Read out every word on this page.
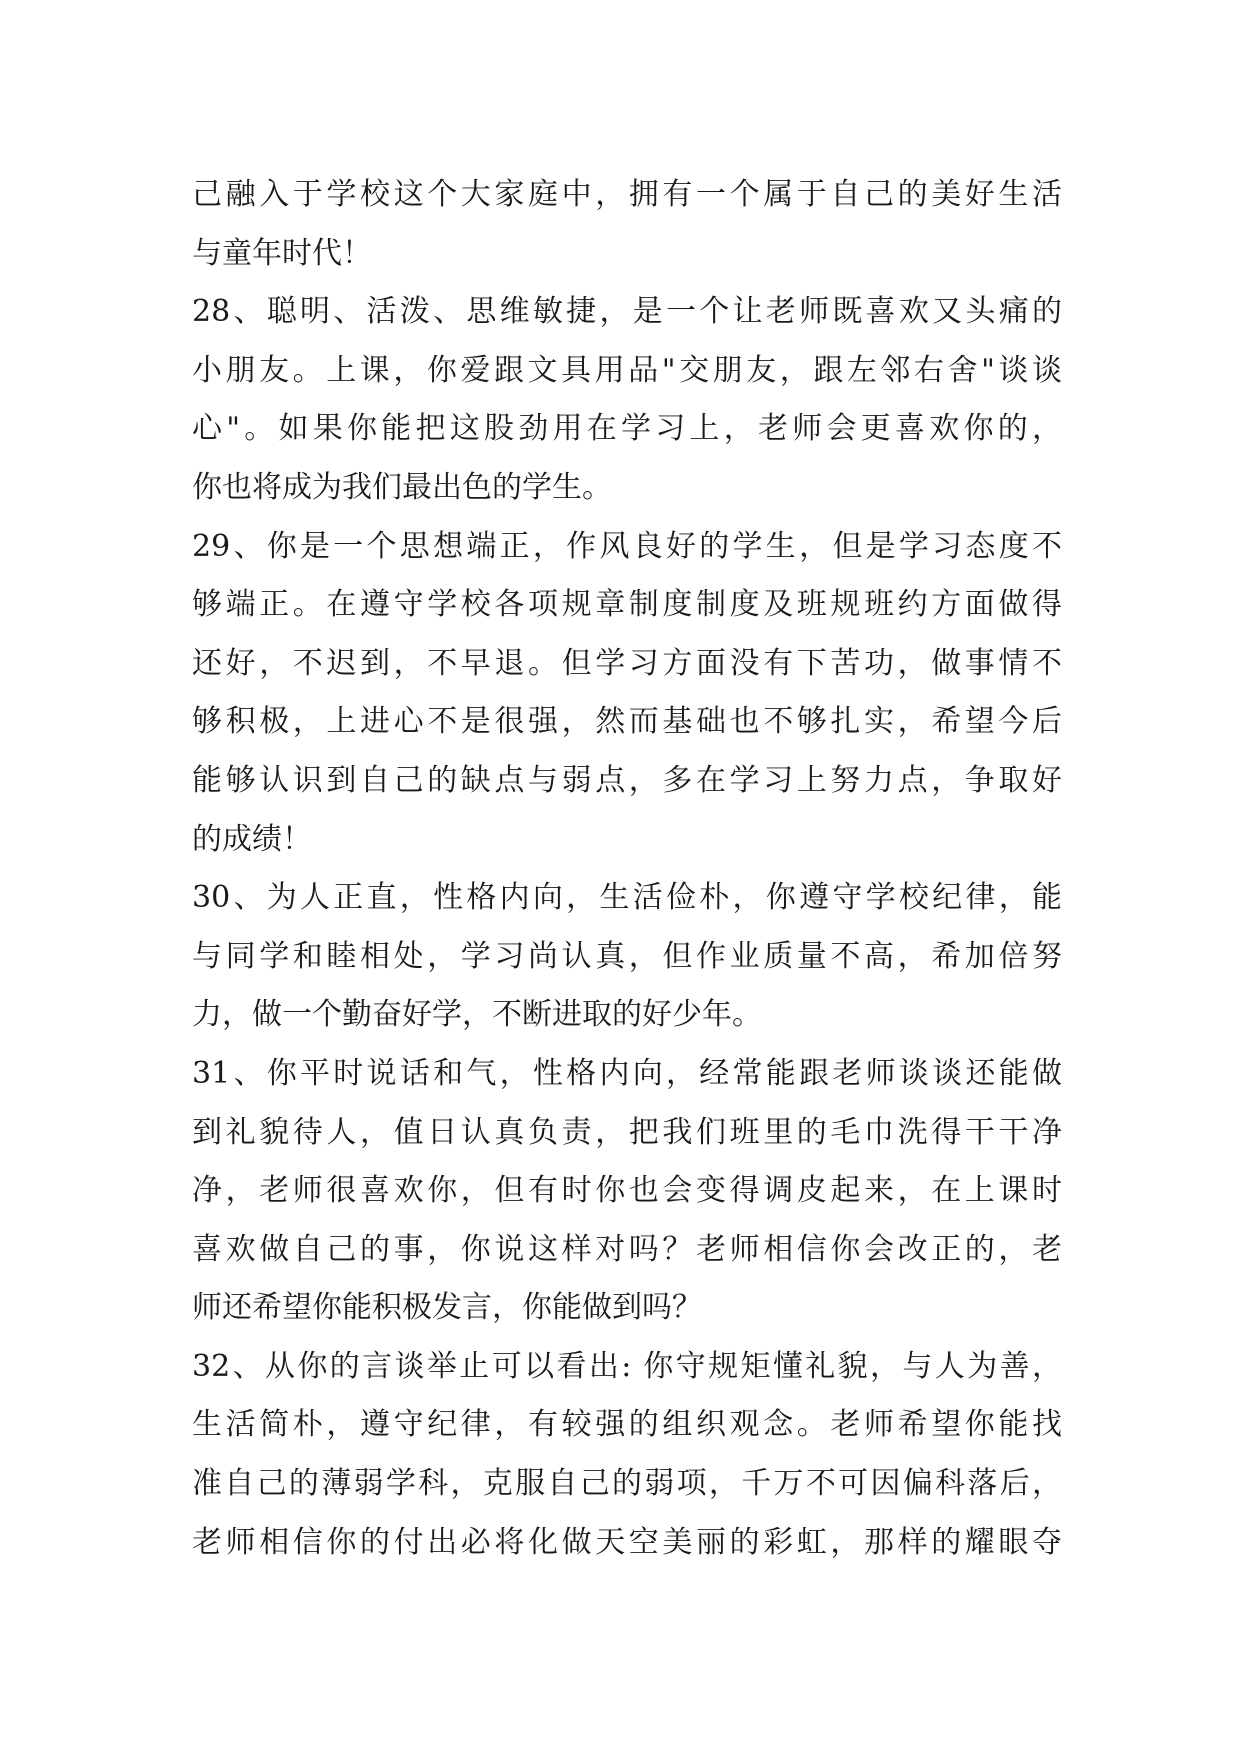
己融入于学校这个大家庭中，拥有一个属于自己的美好生活
与童年时代！
28、聪明、活泼、思维敏捷，是一个让老师既喜欢又头痛的
小朋友。上课，你爱跟文具用品"交朋友，跟左邻右舍"谈谈
心"。如果你能把这股劲用在学习上，老师会更喜欢你的，
你也将成为我们最出色的学生。
29、你是一个思想端正，作风良好的学生，但是学习态度不
够端正。在遵守学校各项规章制度制度及班规班约方面做得
还好，不迟到，不早退。但学习方面没有下苦功，做事情不
够积极，上进心不是很强，然而基础也不够扎实，希望今后
能够认识到自己的缺点与弱点，多在学习上努力点，争取好
的成绩！
30、为人正直，性格内向，生活俭朴，你遵守学校纪律，能
与同学和睦相处，学习尚认真，但作业质量不高，希加倍努
力，做一个勤奋好学，不断进取的好少年。
31、你平时说话和气，性格内向，经常能跟老师谈谈还能做
到礼貌待人，值日认真负责，把我们班里的毛巾洗得干干净
净，老师很喜欢你，但有时你也会变得调皮起来，在上课时
喜欢做自己的事，你说这样对吗？老师相信你会改正的，老
师还希望你能积极发言，你能做到吗？
32、从你的言谈举止可以看出: 你守规矩懂礼貌，与人为善，
生活简朴，遵守纪律，有较强的组织观念。老师希望你能找
准自己的薄弱学科，克服自己的弱项，千万不可因偏科落后，
老师相信你的付出必将化做天空美丽的彩虹，那样的耀眼夺
